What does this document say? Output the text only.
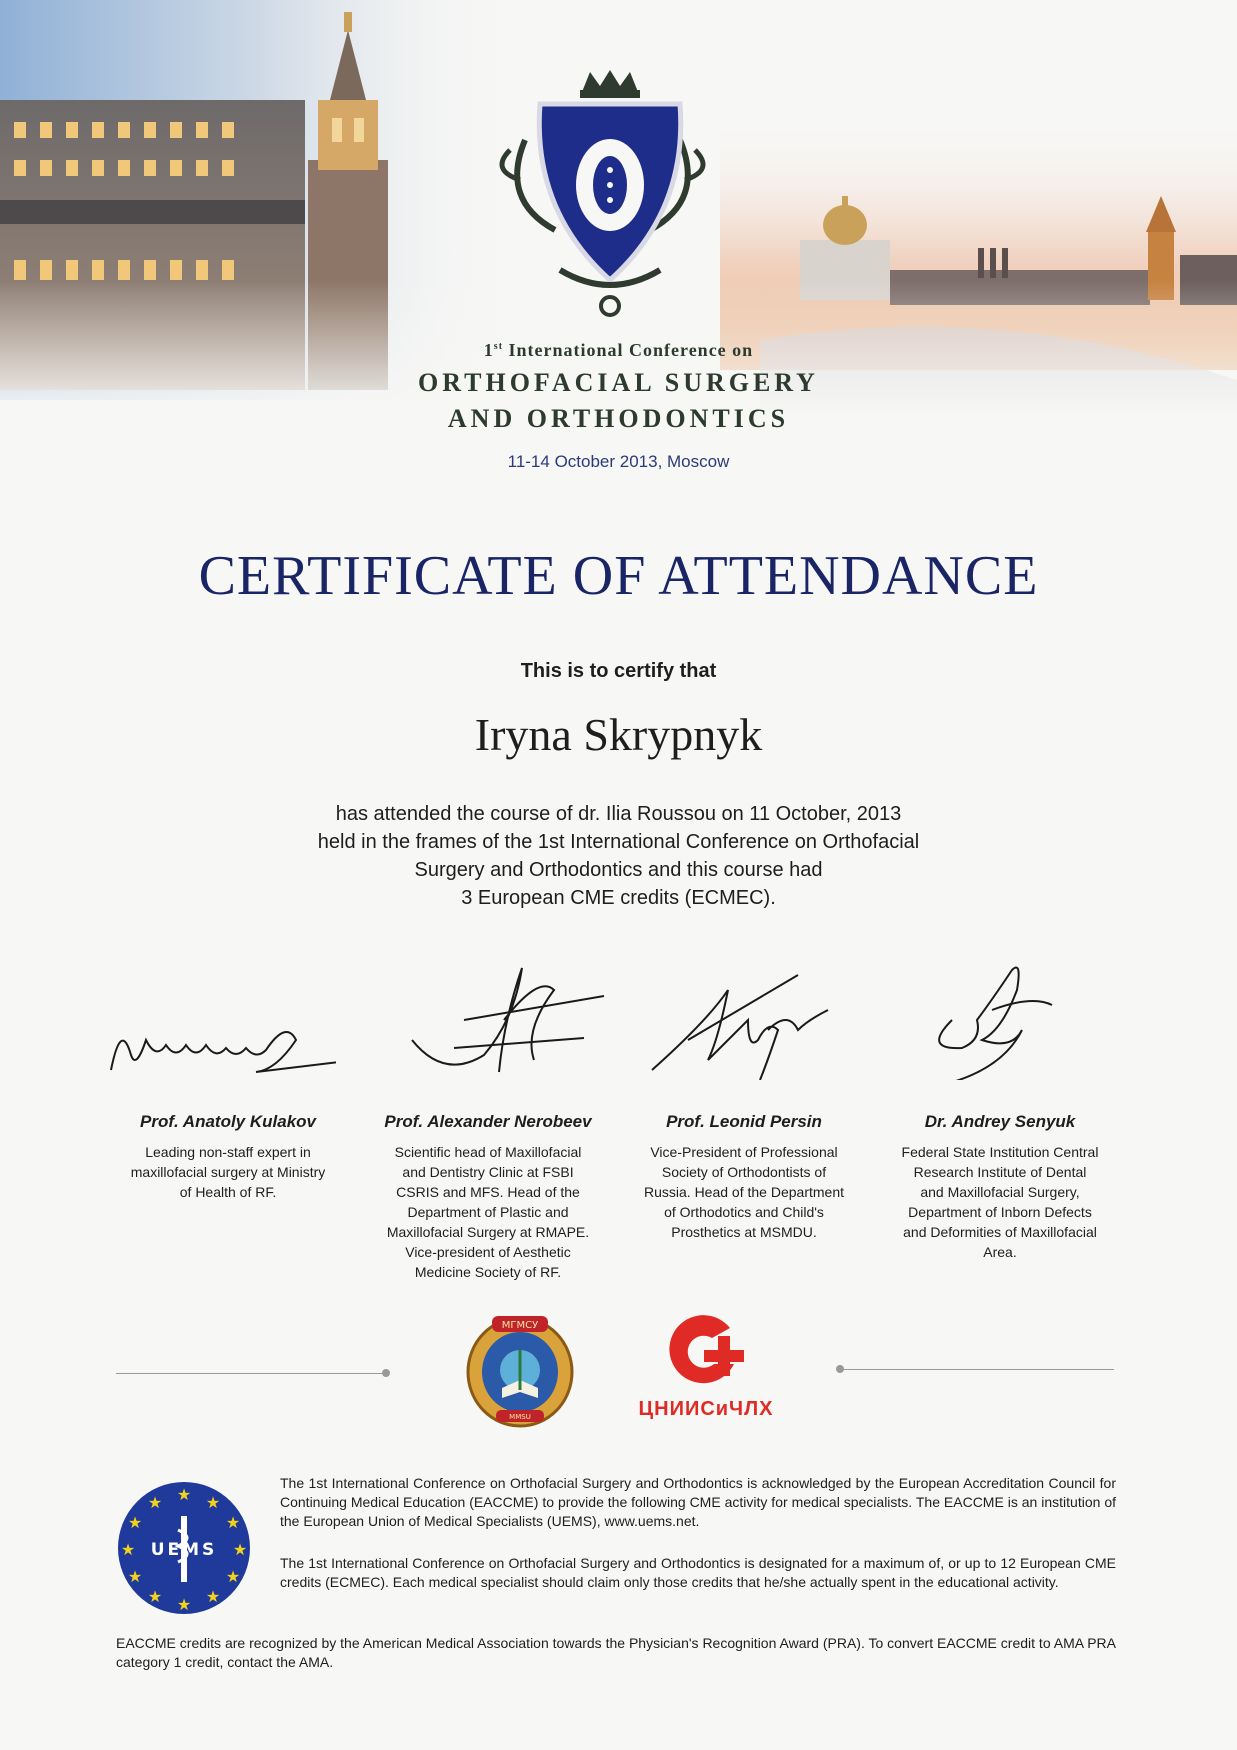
1st International Conference on
ORTHOFACIAL SURGERY
AND ORTHODONTICS
11-14 October 2013, Moscow
CERTIFICATE OF ATTENDANCE
This is to certify that
Iryna Skrypnyk
has attended the course of dr. Ilia Roussou on 11 October, 2013
held in the frames of the 1st International Conference on Orthofacial
Surgery and Orthodontics and this course had
3 European CME credits (ECMEC).
Prof. Anatoly Kulakov
Leading non-staff expert in
maxillofacial surgery at Ministry
of Health of RF.
Prof. Alexander Nerobeev
Scientific head of Maxillofacial
and Dentistry Clinic at FSBI
CSRIS and MFS. Head of the
Department of Plastic and
Maxillofacial Surgery at RMAPE.
Vice-president of Aesthetic
Medicine Society of RF.
Prof. Leonid Persin
Vice-President of Professional
Society of Orthodontists of
Russia. Head of the Department
of Orthodotics and Child's
Prosthetics at MSMDU.
Dr. Andrey Senyuk
Federal State Institution Central
Research Institute of Dental
and Maxillofacial Surgery,
Department of Inborn Defects
and Deformities of Maxillofacial
Area.
МГМСУ
MMSU	ЦНИИСиЧЛХ
★ ★
★
★
★
★
★
★
★
★
★
★
UEMS
The 1st International Conference on Orthofacial Surgery and Orthodontics is acknowledged by the European Accreditation Council for Continuing Medical Education (EACCME) to provide the following CME activity for medical specialists. The EACCME is an institution of the European Union of Medical Specialists (UEMS), www.uems.net.
The 1st International Conference on Orthofacial Surgery and Orthodontics is designated for a maximum of, or up to 12 European CME credits (ECMEC). Each medical specialist should claim only those credits that he/she actually spent in the educational activity.
EACCME credits are recognized by the American Medical Association towards the Physician's Recognition Award (PRA). To convert EACCME credit to AMA PRA category 1 credit, contact the AMA.
